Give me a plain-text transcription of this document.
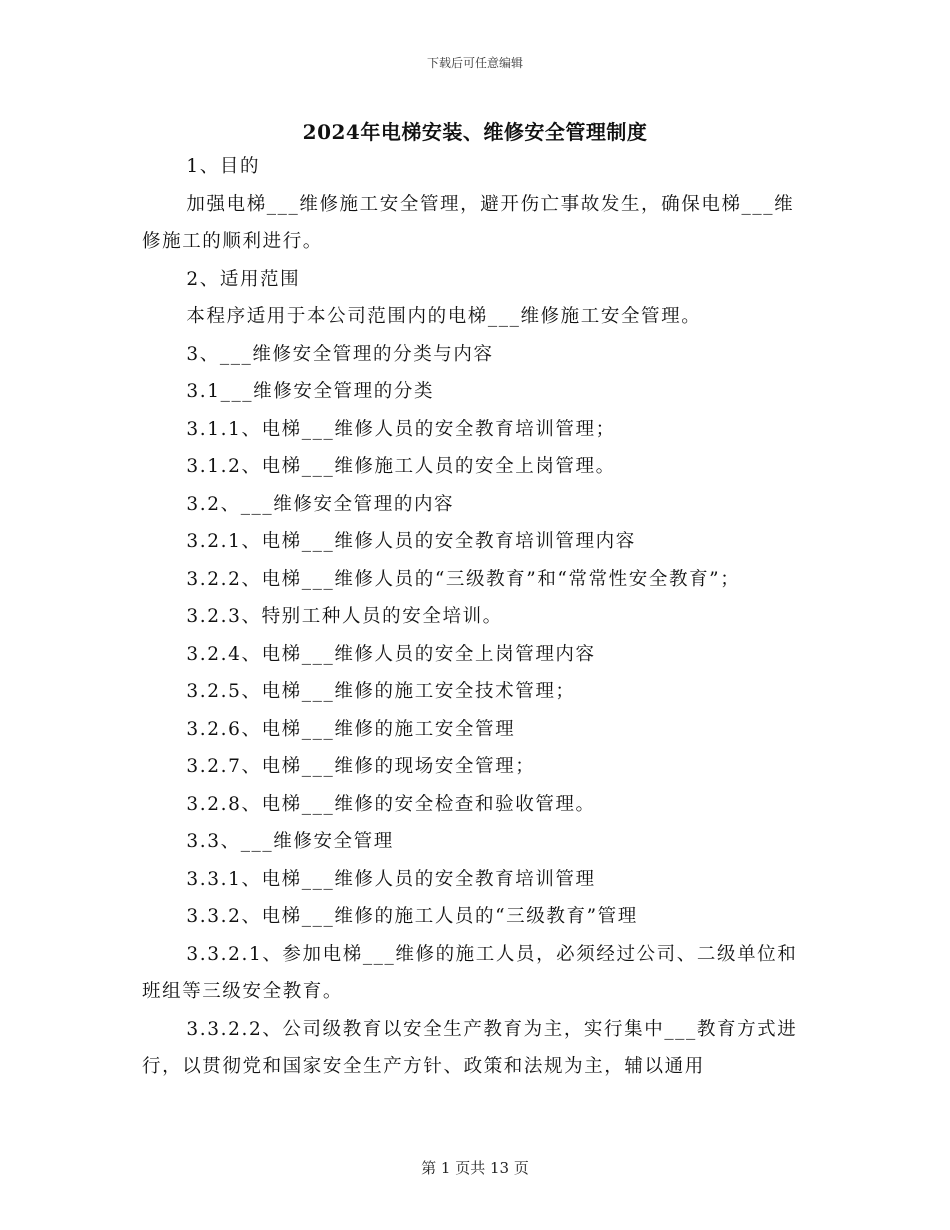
下载后可任意编辑
2024年电梯安装、维修安全管理制度

1、目的

加强电梯___维修施工安全管理，避开伤亡事故发生，确保电梯___维修施工的顺利进行。

2、适用范围

本程序适用于本公司范围内的电梯___维修施工安全管理。

3、___维修安全管理的分类与内容

3.1___维修安全管理的分类

3.1.1、电梯___维修人员的安全教育培训管理；

3.1.2、电梯___维修施工人员的安全上岗管理。

3.2、___维修安全管理的内容

3.2.1、电梯___维修人员的安全教育培训管理内容

3.2.2、电梯___维修人员的“三级教育”和“常常性安全教育”；

3.2.3、特别工种人员的安全培训。

3.2.4、电梯___维修人员的安全上岗管理内容

3.2.5、电梯___维修的施工安全技术管理；

3.2.6、电梯___维修的施工安全管理

3.2.7、电梯___维修的现场安全管理；

3.2.8、电梯___维修的安全检查和验收管理。

3.3、___维修安全管理

3.3.1、电梯___维修人员的安全教育培训管理

3.3.2、电梯___维修的施工人员的“三级教育”管理

3.3.2.1、参加电梯___维修的施工人员，必须经过公司、二级单位和班组等三级安全教育。

3.3.2.2、公司级教育以安全生产教育为主，实行集中___教育方式进行，以贯彻党和国家安全生产方针、政策和法规为主，辅以通用

第 1 页共 13 页
